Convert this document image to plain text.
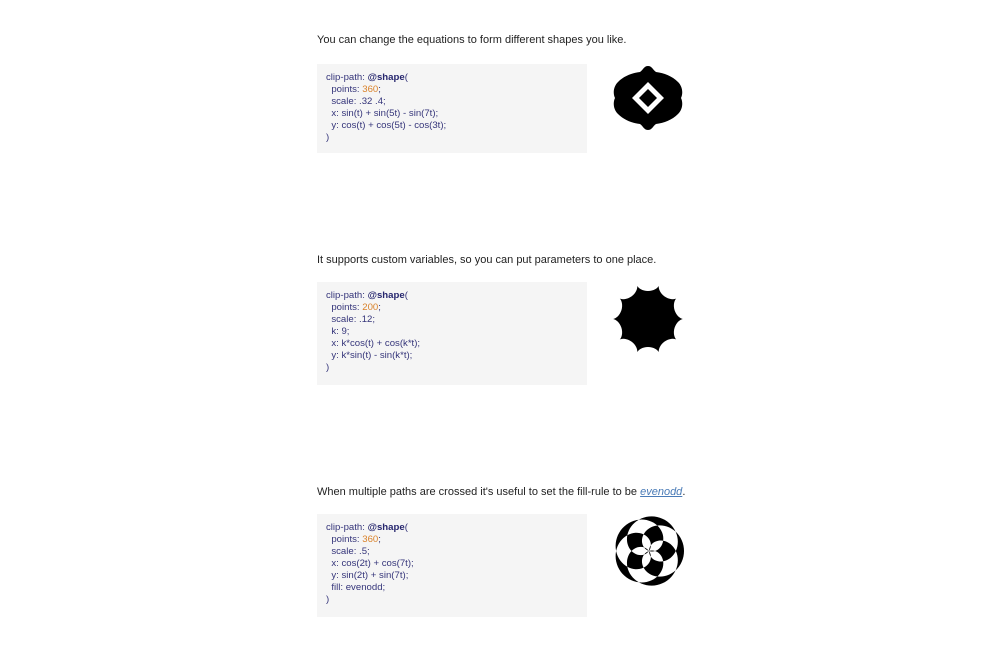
You can change the equations to form different shapes you like.
clip-path: @shape(
points: 360;
scale: .32 .4;
x: sin(t) + sin(5t) - sin(7t);
y: cos(t) + cos(5t) - cos(3t);
)
It supports custom variables, so you can put parameters to one place.
clip-path: @shape(
points: 200;
scale: .12;
k: 9;
x: k*cos(t) + cos(k*t);
y: k*sin(t) - sin(k*t);
)
When multiple paths are crossed it's useful to set the fill-rule to be evenodd.
clip-path: @shape(
points: 360;
scale: .5;
x: cos(2t) + cos(7t);
y: sin(2t) + sin(7t);
fill: evenodd;
)
